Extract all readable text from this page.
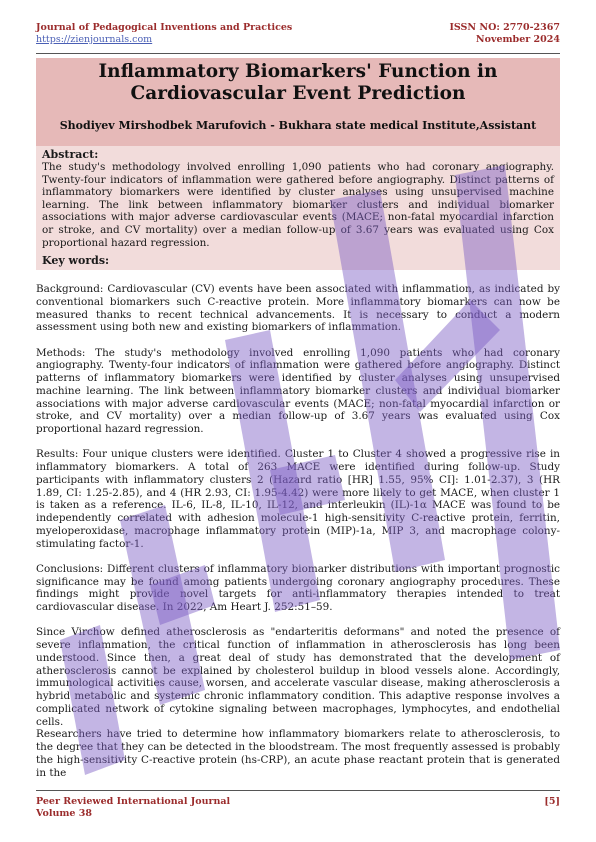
Journal of Pedagogical Inventions and Practices
https://zienjournals.com
ISSN NO: 2770-2367
November 2024
Inflammatory Biomarkers' Function in
Cardiovascular Event Prediction
Shodiyev Mirshodbek Marufovich - Bukhara state medical Institute,Assistant
Abstract:
The study's methodology involved enrolling 1,090 patients who had coronary angiography. Twenty-four indicators of inflammation were gathered before angiography. Distinct patterns of inflammatory biomarkers were identified by cluster analyses using unsupervised machine learning. The link between inflammatory biomarker clusters and individual biomarker associations with major adverse cardiovascular events (MACE; non-fatal myocardial infarction or stroke, and CV mortality) over a median follow-up of 3.67 years was evaluated using Cox proportional hazard regression.
Key words:

Background: Cardiovascular (CV) events have been associated with inflammation, as indicated by conventional biomarkers such C-reactive protein. More inflammatory biomarkers can now be measured thanks to recent technical advancements. It is necessary to conduct a modern assessment using both new and existing biomarkers of inflammation.

Methods: The study's methodology involved enrolling 1,090 patients who had coronary angiography. Twenty-four indicators of inflammation were gathered before angiography. Distinct patterns of inflammatory biomarkers were identified by cluster analyses using unsupervised machine learning. The link between inflammatory biomarker clusters and individual biomarker associations with major adverse cardiovascular events (MACE; non-fatal myocardial infarction or stroke, and CV mortality) over a median follow-up of 3.67 years was evaluated using Cox proportional hazard regression.

Results: Four unique clusters were identified. Cluster 1 to Cluster 4 showed a progressive rise in inflammatory biomarkers. A total of 263 MACE were identified during follow-up. Study participants with inflammatory clusters 2 (Hazard ratio [HR] 1.55, 95% CI]: 1.01-2.37), 3 (HR 1.89, CI: 1.25-2.85), and 4 (HR 2.93, CI: 1.95-4.42) were more likely to get MACE, when cluster 1 is taken as a reference. IL-6, IL-8, IL-10, IL-12, and interleukin (IL)-1α MACE was found to be independently correlated with adhesion molecule-1 high-sensitivity C-reactive protein, ferritin, myeloperoxidase, macrophage inflammatory protein (MIP)-1a, MIP 3, and macrophage colony-stimulating factor-1.

Conclusions: Different clusters of inflammatory biomarker distributions with important prognostic significance may be found among patients undergoing coronary angiography procedures. These findings might provide novel targets for anti-inflammatory therapies intended to treat cardiovascular disease. In 2022, Am Heart J. 252:51–59.

Since Virchow defined atherosclerosis as "endarteritis deformans" and noted the presence of severe inflammation, the critical function of inflammation in atherosclerosis has long been understood. Since then, a great deal of study has demonstrated that the development of atherosclerosis cannot be explained by cholesterol buildup in blood vessels alone. Accordingly, immunological activities cause, worsen, and accelerate vascular disease, making atherosclerosis a hybrid metabolic and systemic chronic inflammatory condition. This adaptive response involves a complicated network of cytokine signaling between macrophages, lymphocytes, and endothelial cells.

Researchers have tried to determine how inflammatory biomarkers relate to atherosclerosis, to the degree that they can be detected in the bloodstream. The most frequently assessed is probably the high-sensitivity C-reactive protein (hs-CRP), an acute phase reactant protein that is generated in the

Peer Reviewed International Journal
Volume 38
[5]
